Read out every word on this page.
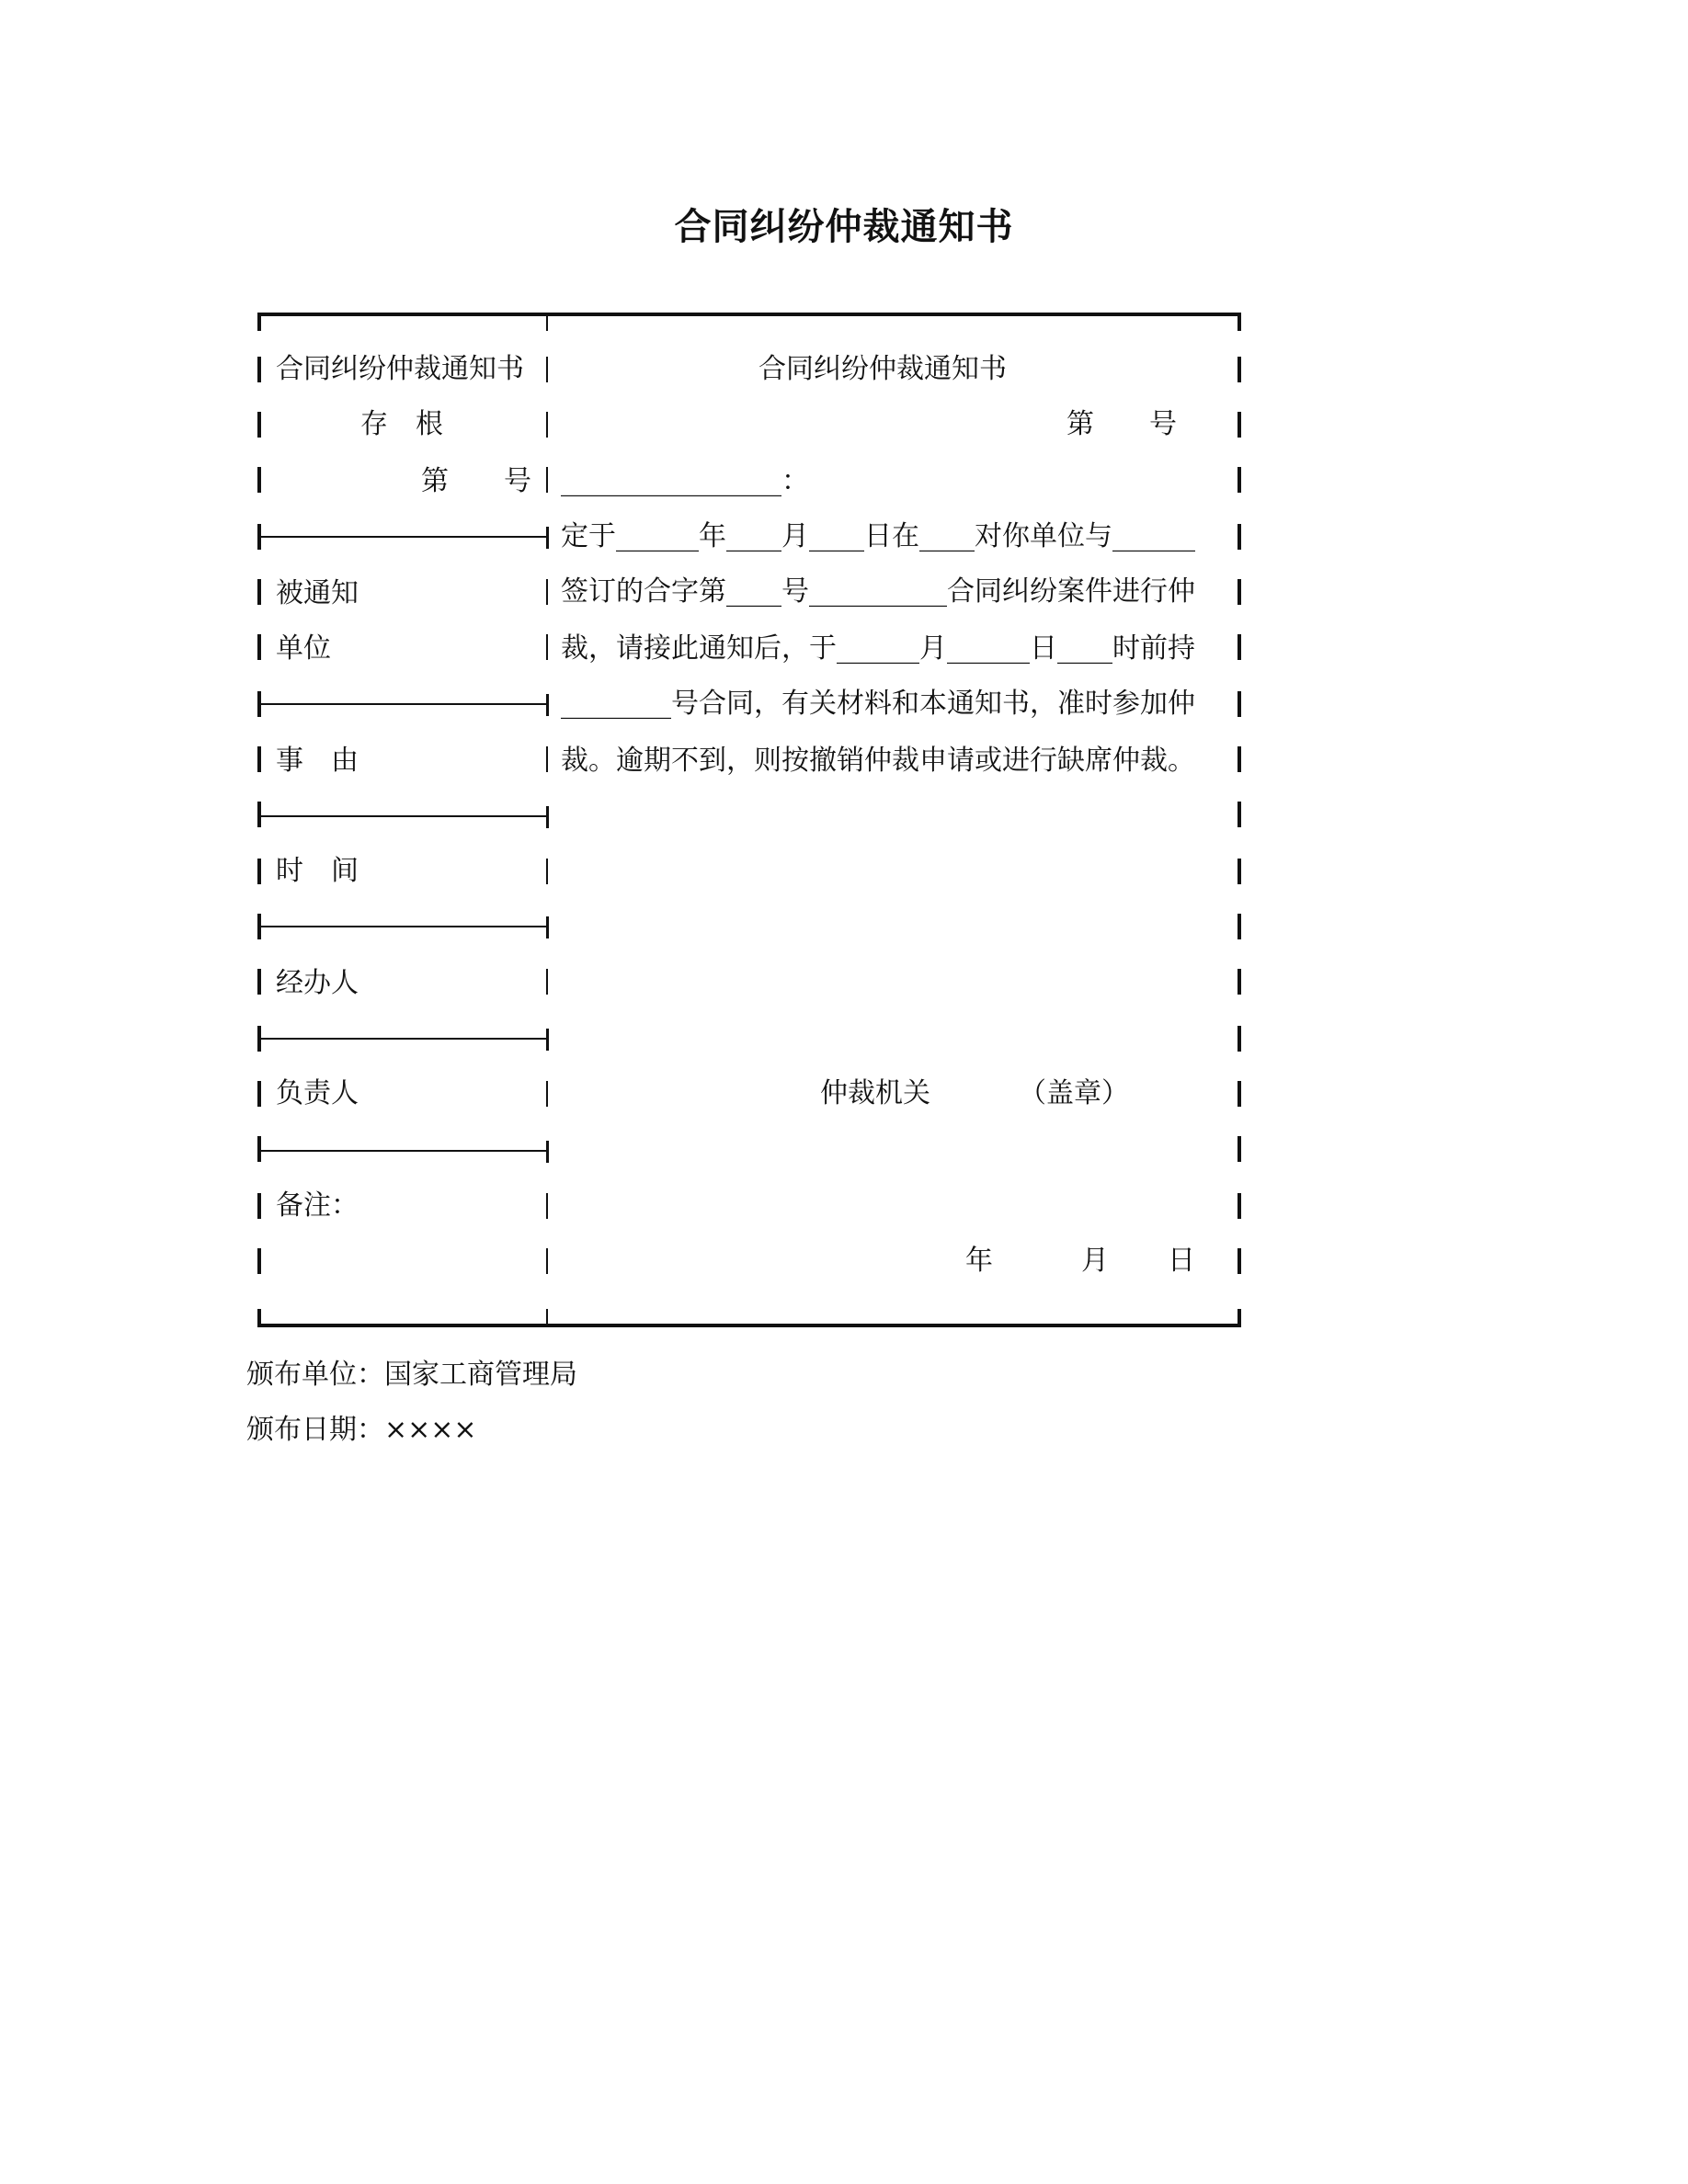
合同纠纷仲裁通知书
合同纠纷仲裁通知书
存　根
第　　号
被通知
单位
事　由
时　间
经办人
负责人
备注：
合同纠纷仲裁通知书
第　　号
________________：
定于______年____月____日在____对你单位与______
签订的合字第____号__________合同纠纷案件进行仲
裁，请接此通知后，于______月______日____时前持
________号合同，有关材料和本通知书，准时参加仲
裁。逾期不到，则按撤销仲裁申请或进行缺席仲裁。
仲裁机关	（盖章）
年	月 日
颁布单位：国家工商管理局
颁布日期：××××
